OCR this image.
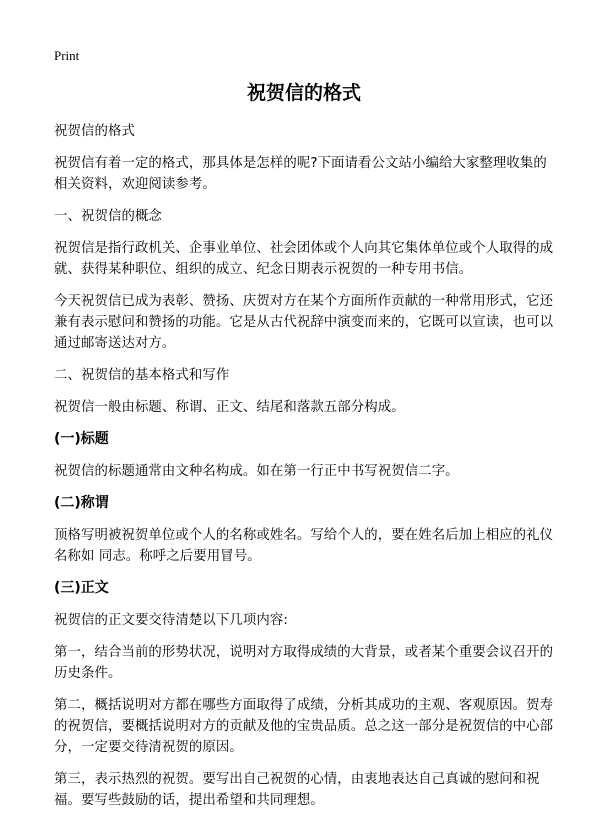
Print
祝贺信的格式

祝贺信的格式

祝贺信有着一定的格式，那具体是怎样的呢?下面请看公文站小编给大家整理收集的相关资料，欢迎阅读参考。

一、祝贺信的概念

祝贺信是指行政机关、企事业单位、社会团体或个人向其它集体单位或个人取得的成就、获得某种职位、组织的成立、纪念日期表示祝贺的一种专用书信。

今天祝贺信已成为表彰、赞扬、庆贺对方在某个方面所作贡献的一种常用形式，它还兼有表示慰问和赞扬的功能。它是从古代祝辞中演变而来的，它既可以宣读，也可以通过邮寄送达对方。

二、祝贺信的基本格式和写作

祝贺信一般由标题、称谓、正文、结尾和落款五部分构成。

(一)标题

祝贺信的标题通常由文种名构成。如在第一行正中书写祝贺信二字。

(二)称谓

顶格写明被祝贺单位或个人的名称或姓名。写给个人的，要在姓名后加上相应的礼仪名称如 同志。称呼之后要用冒号。

(三)正文

祝贺信的正文要交待清楚以下几项内容:

第一，结合当前的形势状况，说明对方取得成绩的大背景，或者某个重要会议召开的历史条件。

第二，概括说明对方都在哪些方面取得了成绩，分析其成功的主观、客观原因。贺寿的祝贺信，要概括说明对方的贡献及他的宝贵品质。总之这一部分是祝贺信的中心部分，一定要交待清祝贺的原因。

第三，表示热烈的祝贺。要写出自己祝贺的心情，由衷地表达自己真诚的慰问和祝福。要写些鼓励的话，提出希望和共同理想。
